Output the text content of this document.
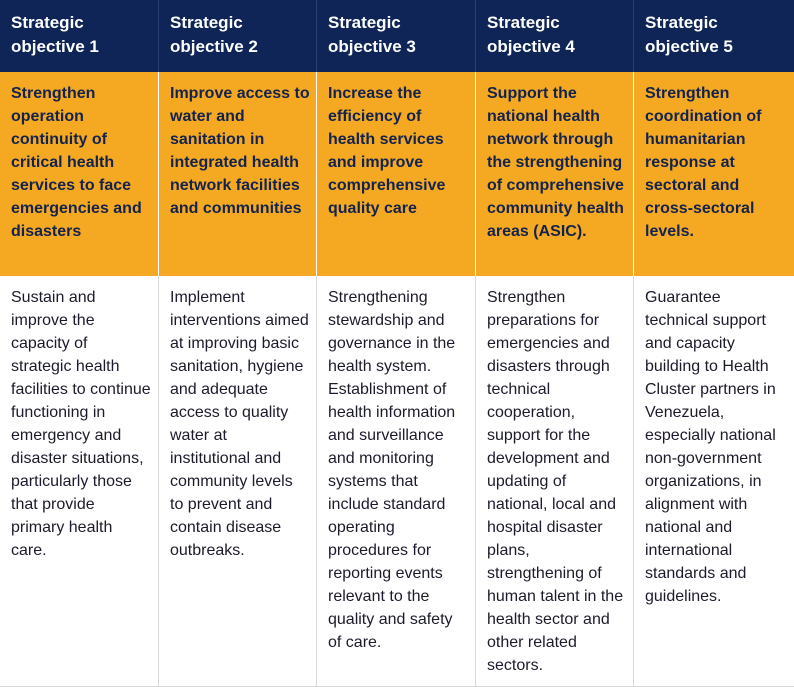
Strategic objective 1
Strategic objective 2
Strategic objective 3
Strategic objective 4
Strategic objective 5
Strengthen operation continuity of critical health services to face emergencies and disasters
Improve access to water and sanitation in integrated health network facilities and communities
Increase the efficiency of health services and improve comprehensive quality care
Support the national health network through the strengthening of comprehensive community health areas (ASIC).
Strengthen coordination of humanitarian response at sectoral and cross-sectoral levels.
Sustain and improve the capacity of strategic health facilities to continue functioning in emergency and disaster situations, particularly those that provide primary health care.
Implement interventions aimed at improving basic sanitation, hygiene and adequate access to quality water at institutional and community levels to prevent and contain disease outbreaks.
Strengthening stewardship and governance in the health system. Establishment of health information and surveillance and monitoring systems that include standard operating procedures for reporting events relevant to the quality and safety of care.
Strengthen preparations for emergencies and disasters through technical cooperation, support for the development and updating of national, local and hospital disaster plans, strengthening of human talent in the health sector and other related sectors.
Guarantee technical support and capacity building to Health Cluster partners in Venezuela, especially national non-government organizations, in alignment with national and international standards and guidelines.
